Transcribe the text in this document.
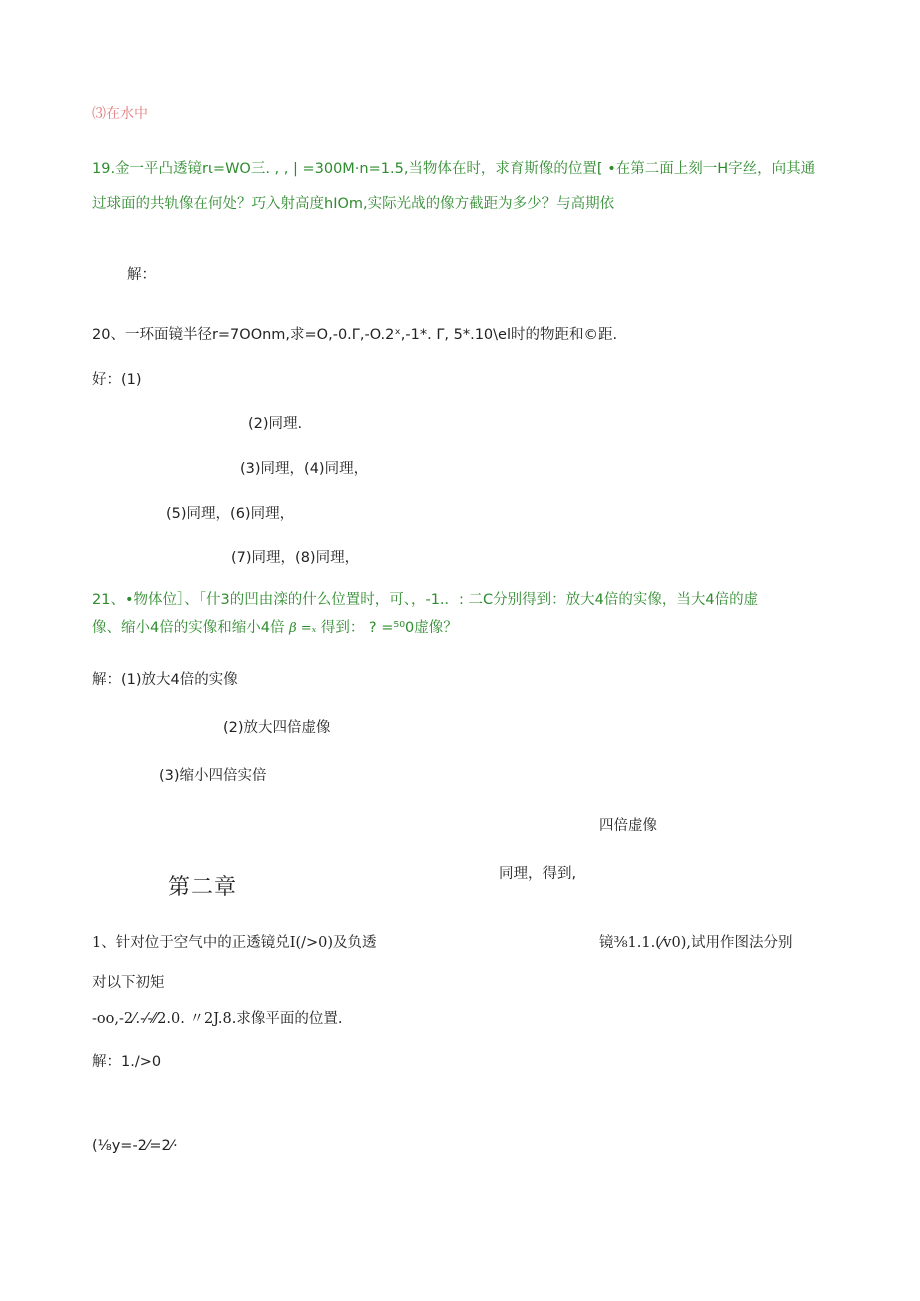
⑶在水中
19.金一平凸透镜rι=WO三. , , | =300M·n=1.5,当物体在时，求育斯像的位置[ •在第二面上刻一H字丝，向其通
过球面的共轨像在何处？巧入射高度hIOm,实际光战的像方截距为多少？与高期依
解：
20、一环面镜半径r=7OOnm,求=O,-0.Γ,-O.2ˣ,-1*. Γ, 5*.10\el时的物距和©距.
好：(1)
(2)同理.
(3)同理，(4)同理，
(5)同理，(6)同理，
(7)同理，(8)同理，
21、•物体位］、「什3的凹由滦的什么位置时，可、，-1.．: 二C分别得到：放大4倍的实像，当大4倍的虚
像、缩小4倍的实像和缩小4倍 β =ₓ 得到： ? =⁵⁰0虚像？
解：(1)放大4倍的实像
(2)放大四倍虚像
(3)缩小四倍实倍
四倍虚像
同理，得到,
第二章
1、针对位于空气中的正透镜兑I(/>0)及负透	镜⅜1.1.(⁄v0),试用作图法分别
对以下初矩
-oo,-2⁄.-⁄-⁄⁄2.0. 〃2J.8.求像平面的位置.
解：1./>0
(⅛y=-2⁄=2⁄·
